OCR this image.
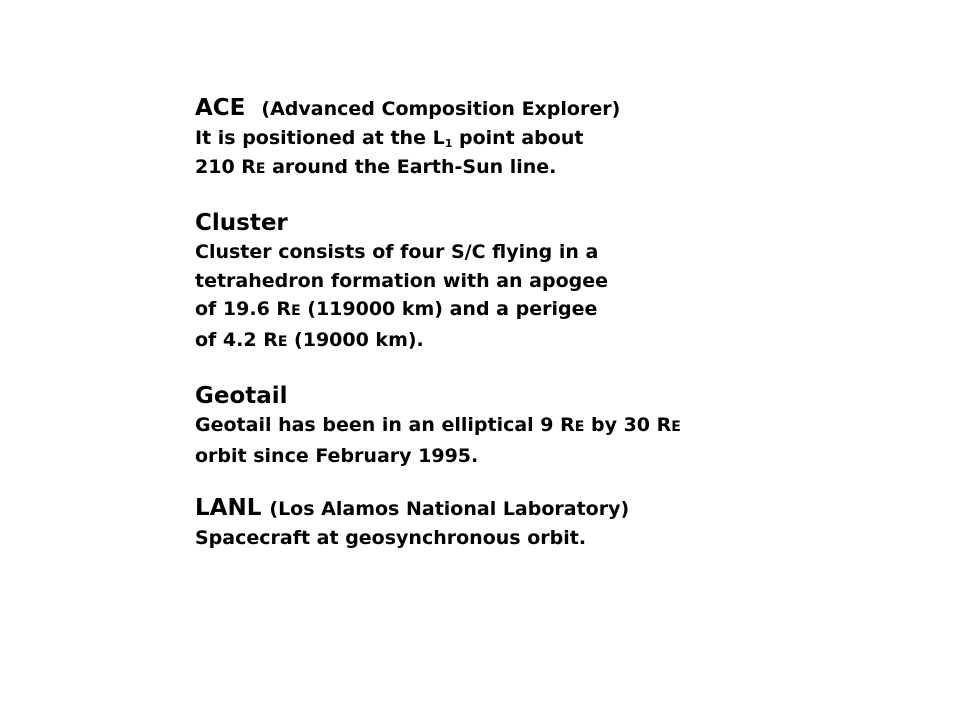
ACE (Advanced Composition Explorer)
It is positioned at the $L_1$ point about
210 RE around the Earth-Sun line.
Cluster
Cluster consists of four S/C flying in a
tetrahedron formation with an apogee
of 19.6 RE (119000 km) and a perigee
of 4.2 RE (19000 km).
Geotail
Geotail has been in an elliptical 9 RE by 30 RE
orbit since February 1995.
LANL (Los Alamos National Laboratory)
Spacecraft at geosynchronous orbit.
